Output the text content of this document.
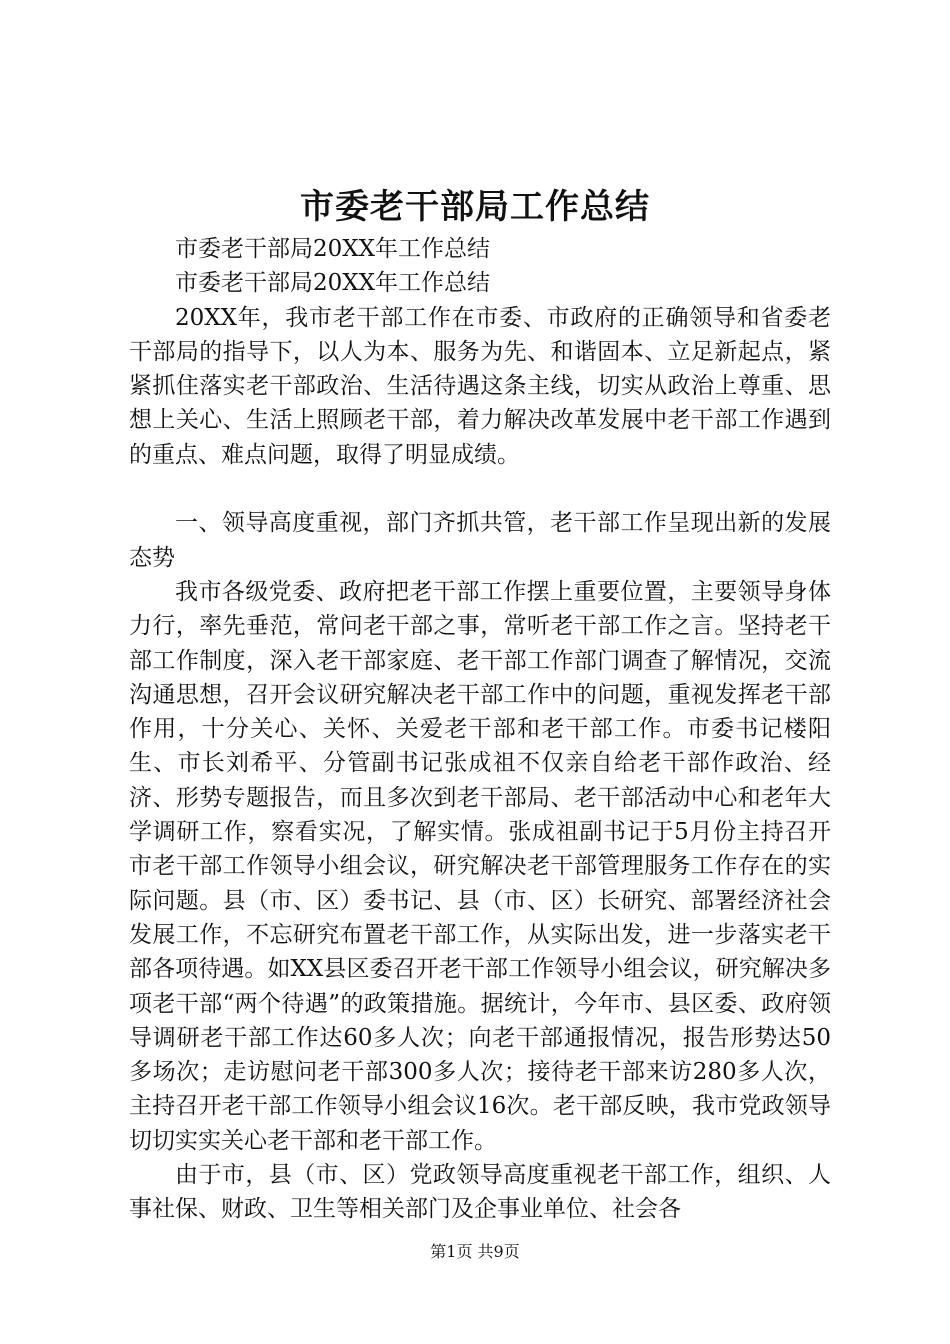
市委老干部局工作总结

市委老干部局20XX年工作总结

市委老干部局20XX年工作总结

20XX年，我市老干部工作在市委、市政府的正确领导和省委老干部局的指导下，以人为本、服务为先、和谐固本、立足新起点，紧紧抓住落实老干部政治、生活待遇这条主线，切实从政治上尊重、思想上关心、生活上照顾老干部，着力解决改革发展中老干部工作遇到的重点、难点问题，取得了明显成绩。

一、领导高度重视，部门齐抓共管，老干部工作呈现出新的发展态势

我市各级党委、政府把老干部工作摆上重要位置，主要领导身体力行，率先垂范，常问老干部之事，常听老干部工作之言。坚持老干部工作制度，深入老干部家庭、老干部工作部门调查了解情况，交流沟通思想，召开会议研究解决老干部工作中的问题，重视发挥老干部作用，十分关心、关怀、关爱老干部和老干部工作。市委书记楼阳生、市长刘希平、分管副书记张成祖不仅亲自给老干部作政治、经济、形势专题报告，而且多次到老干部局、老干部活动中心和老年大学调研工作，察看实况，了解实情。张成祖副书记于5月份主持召开市老干部工作领导小组会议，研究解决老干部管理服务工作存在的实际问题。县（市、区）委书记、县（市、区）长研究、部署经济社会发展工作，不忘研究布置老干部工作，从实际出发，进一步落实老干部各项待遇。如XX县区委召开老干部工作领导小组会议，研究解决多项老干部“两个待遇”的政策措施。据统计，今年市、县区委、政府领导调研老干部工作达60多人次；向老干部通报情况，报告形势达50多场次；走访慰问老干部300多人次；接待老干部来访280多人次，主持召开老干部工作领导小组会议16次。老干部反映，我市党政领导切切实实关心老干部和老干部工作。

由于市，县（市、区）党政领导高度重视老干部工作，组织、人事社保、财政、卫生等相关部门及企事业单位、社会各

第1页 共9页
